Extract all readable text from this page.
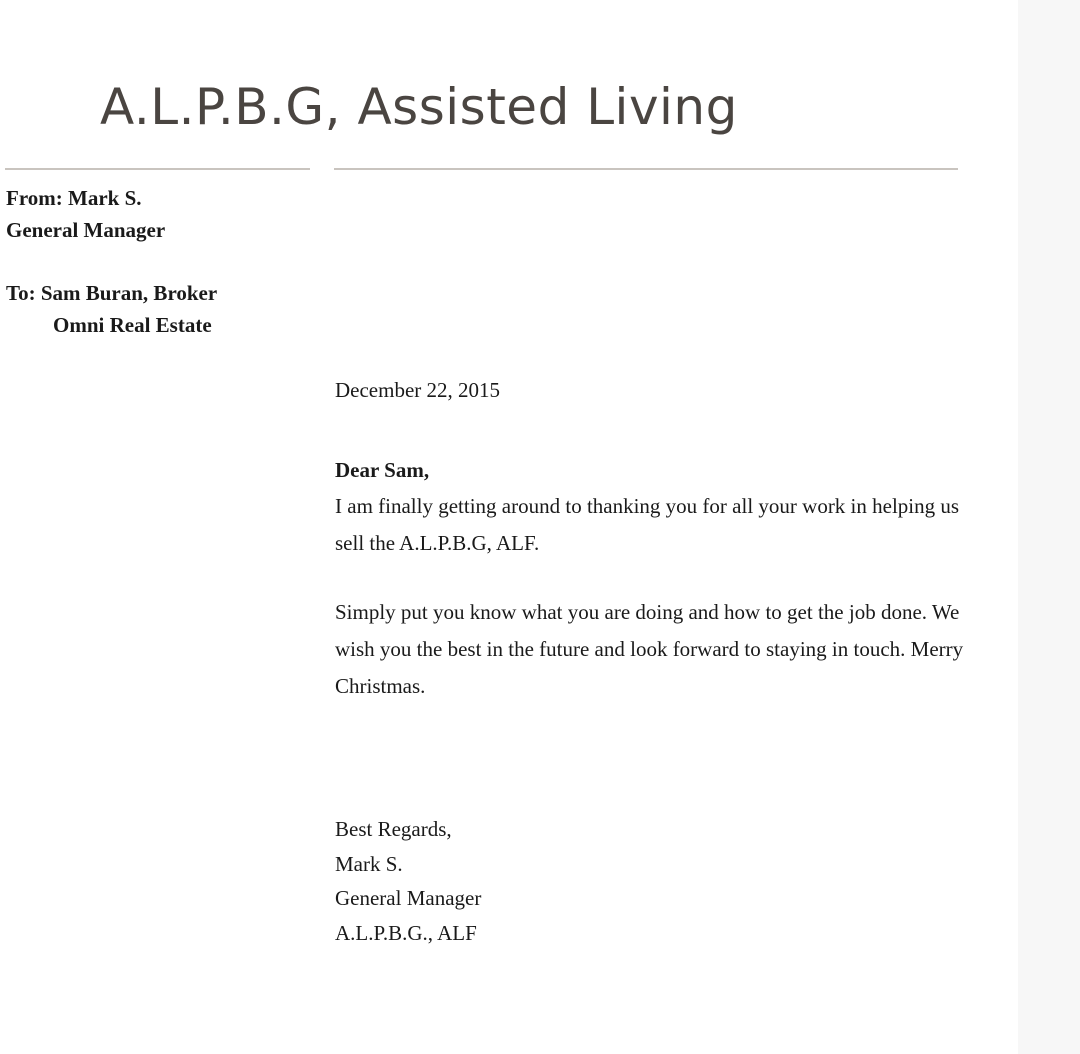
A.L.P.B.G, Assisted Living
From: Mark S.
General Manager
To: Sam Buran, Broker
Omni Real Estate
December 22, 2015
Dear Sam,
I am finally getting around to thanking you for all your work in helping us sell the A.L.P.B.G, ALF.
Simply put you know what you are doing and how to get the job done. We wish you the best in the future and look forward to staying in touch. Merry Christmas.
Best Regards,
Mark S.
General Manager
A.L.P.B.G., ALF
